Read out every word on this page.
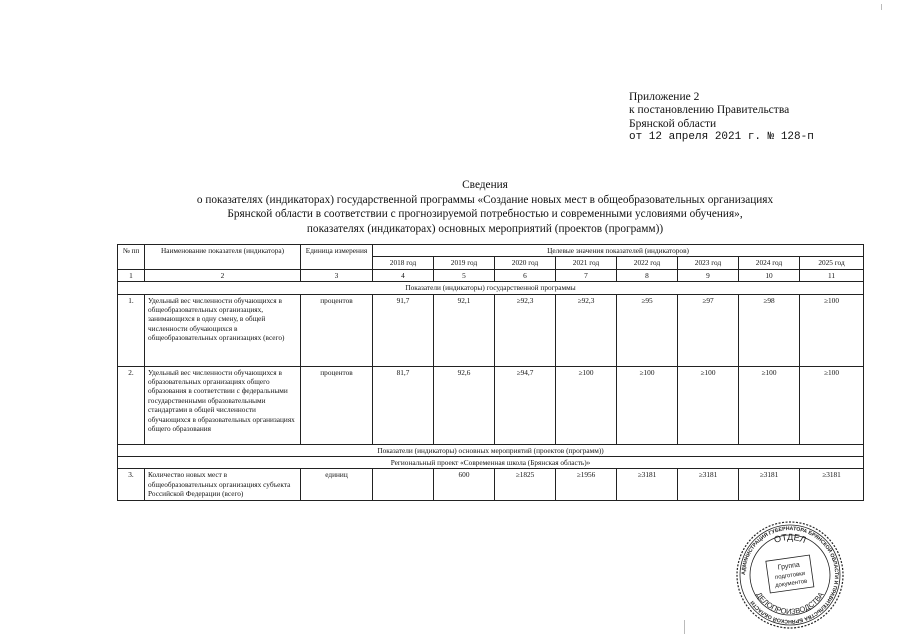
Приложение 2
к постановлению Правительства
Брянской области
от 12 апреля 2021 г. № 128-п
Сведения
о показателях (индикаторах) государственной программы «Создание новых мест в общеобразовательных организациях
Брянской области в соответствии с прогнозируемой потребностью и современными условиями обучения»,
показателях (индикаторах) основных мероприятий (проектов (программ))
№ пп	Наименование показателя (индикатора)	Единица измерения	Целевые значения показателей (индикаторов)							
			2018 год	2019 год	2020 год	2021 год	2022 год	2023 год	2024 год	2025 год
1	2	3	4	5	6	7	8	9	10	11
Показатели (индикаторы) государственной программы										
1.	Удельный вес численности обучающихся в общеобразовательных организациях, занимающихся в одну смену, в общей численности обучающихся в общеобразовательных организациях (всего)	процентов	91,7	92,1	≥92,3	≥92,3	≥95	≥97	≥98	≥100
2.	Удельный вес численности обучающихся в образовательных организациях общего образования в соответствии с федеральными государственными образовательными стандартами в общей численности обучающихся в образовательных организациях общего образования	процентов	81,7	92,6	≥94,7	≥100	≥100	≥100	≥100	≥100
Показатели (индикаторы) основных мероприятий (проектов (программ))										
Региональный проект «Современная школа (Брянская область)»										
3.	Количество новых мест в общеобразовательных организациях субъекта Российской Федерации (всего)	единиц		600	≥1825	≥1956	≥3181	≥3181	≥3181	≥3181
АДМИНИСТРАЦИЯ ГУБЕРНАТОРА БРЯНСКОЙ ОБЛАСТИ И ПРАВИТЕЛЬСТВА БРЯНСКОЙ ОБЛАСТИ
ОТДЕЛ
ДЕЛОПРОИЗВОДСТВА
Группа
подготовки
документов
